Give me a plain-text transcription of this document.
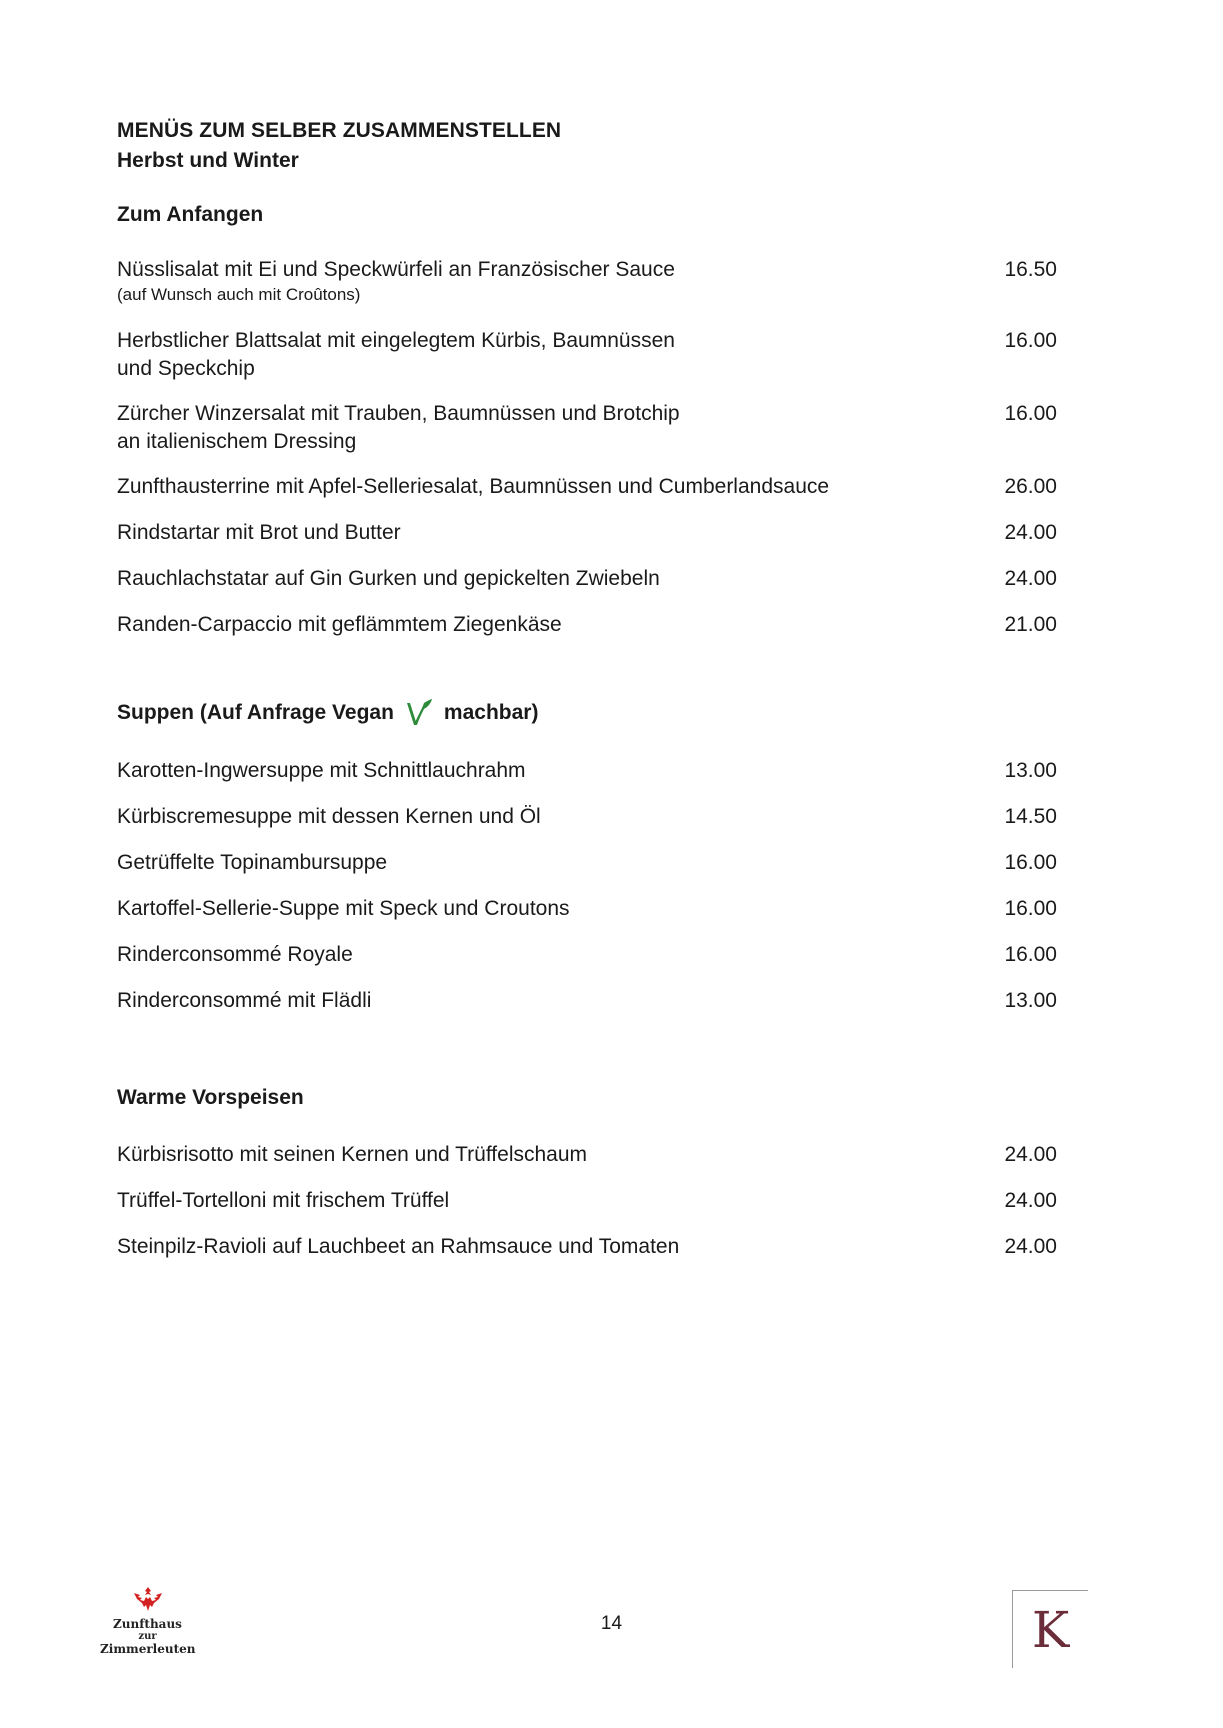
MENÜS ZUM SELBER ZUSAMMENSTELLEN
Herbst und Winter
Zum Anfangen
Nüsslisalat mit Ei und Speckwürfeli an Französischer Sauce
(auf Wunsch auch mit Croûtons)
16.50
Herbstlicher Blattsalat mit eingelegtem Kürbis, Baumnüssen
und Speckchip
16.00
Zürcher Winzersalat mit Trauben, Baumnüssen und Brotchip
an italienischem Dressing
16.00
Zunfthausterrine mit Apfel-Selleriesalat, Baumnüssen und Cumberlandsauce	26.00
Rindstartar mit Brot und Butter	24.00
Rauchlachstatar auf Gin Gurken und gepickelten Zwiebeln	24.00
Randen-Carpaccio mit geflämmtem Ziegenkäse	21.00
Suppen (Auf Anfrage Vegan machbar)
Karotten-Ingwersuppe mit Schnittlauchrahm	13.00
Kürbiscremesuppe mit dessen Kernen und Öl	14.50
Getrüffelte Topinambursuppe	16.00
Kartoffel-Sellerie-Suppe mit Speck und Croutons	16.00
Rinderconsommé Royale	16.00
Rinderconsommé mit Flädli	13.00
Warme Vorspeisen
Kürbisrisotto mit seinen Kernen und Trüffelschaum	24.00
Trüffel-Tortelloni mit frischem Trüffel	24.00
Steinpilz-Ravioli auf Lauchbeet an Rahmsauce und Tomaten	24.00
Zunfthaus
zur
Zimmerleuten
14	K
